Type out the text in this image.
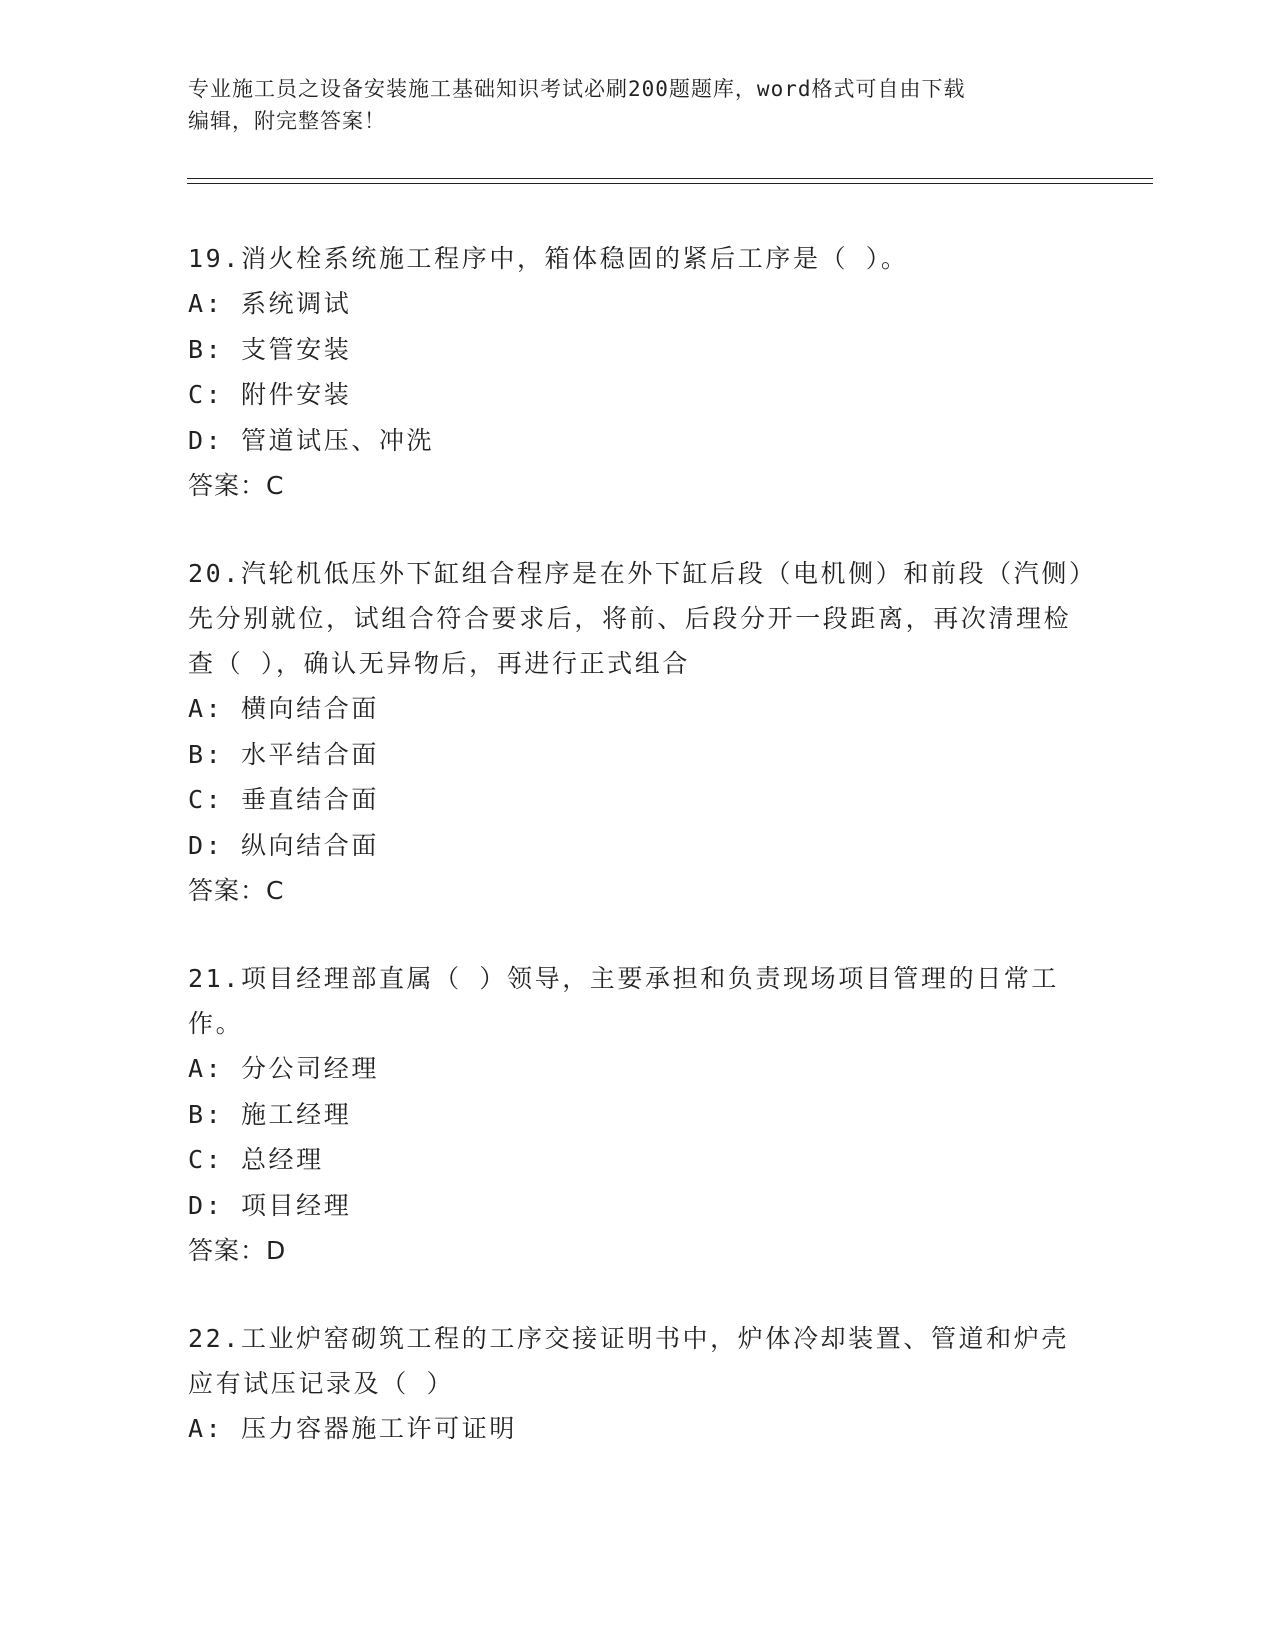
专业施工员之设备安装施工基础知识考试必刷200题题库，word格式可自由下载
编辑，附完整答案！
19.消火栓系统施工程序中，箱体稳固的紧后工序是（ ）。
A: 系统调试
B: 支管安装
C: 附件安装
D: 管道试压、冲洗
答案：C
20.汽轮机低压外下缸组合程序是在外下缸后段（电机侧）和前段（汽侧）先分别就位，试组合符合要求后，将前、后段分开一段距离，再次清理检查（ ），确认无异物后，再进行正式组合
A: 横向结合面
B: 水平结合面
C: 垂直结合面
D: 纵向结合面
答案：C
21.项目经理部直属（ ）领导，主要承担和负责现场项目管理的日常工作。
A: 分公司经理
B: 施工经理
C: 总经理
D: 项目经理
答案：D
22.工业炉窑砌筑工程的工序交接证明书中，炉体冷却装置、管道和炉壳应有试压记录及（ ）
A: 压力容器施工许可证明
